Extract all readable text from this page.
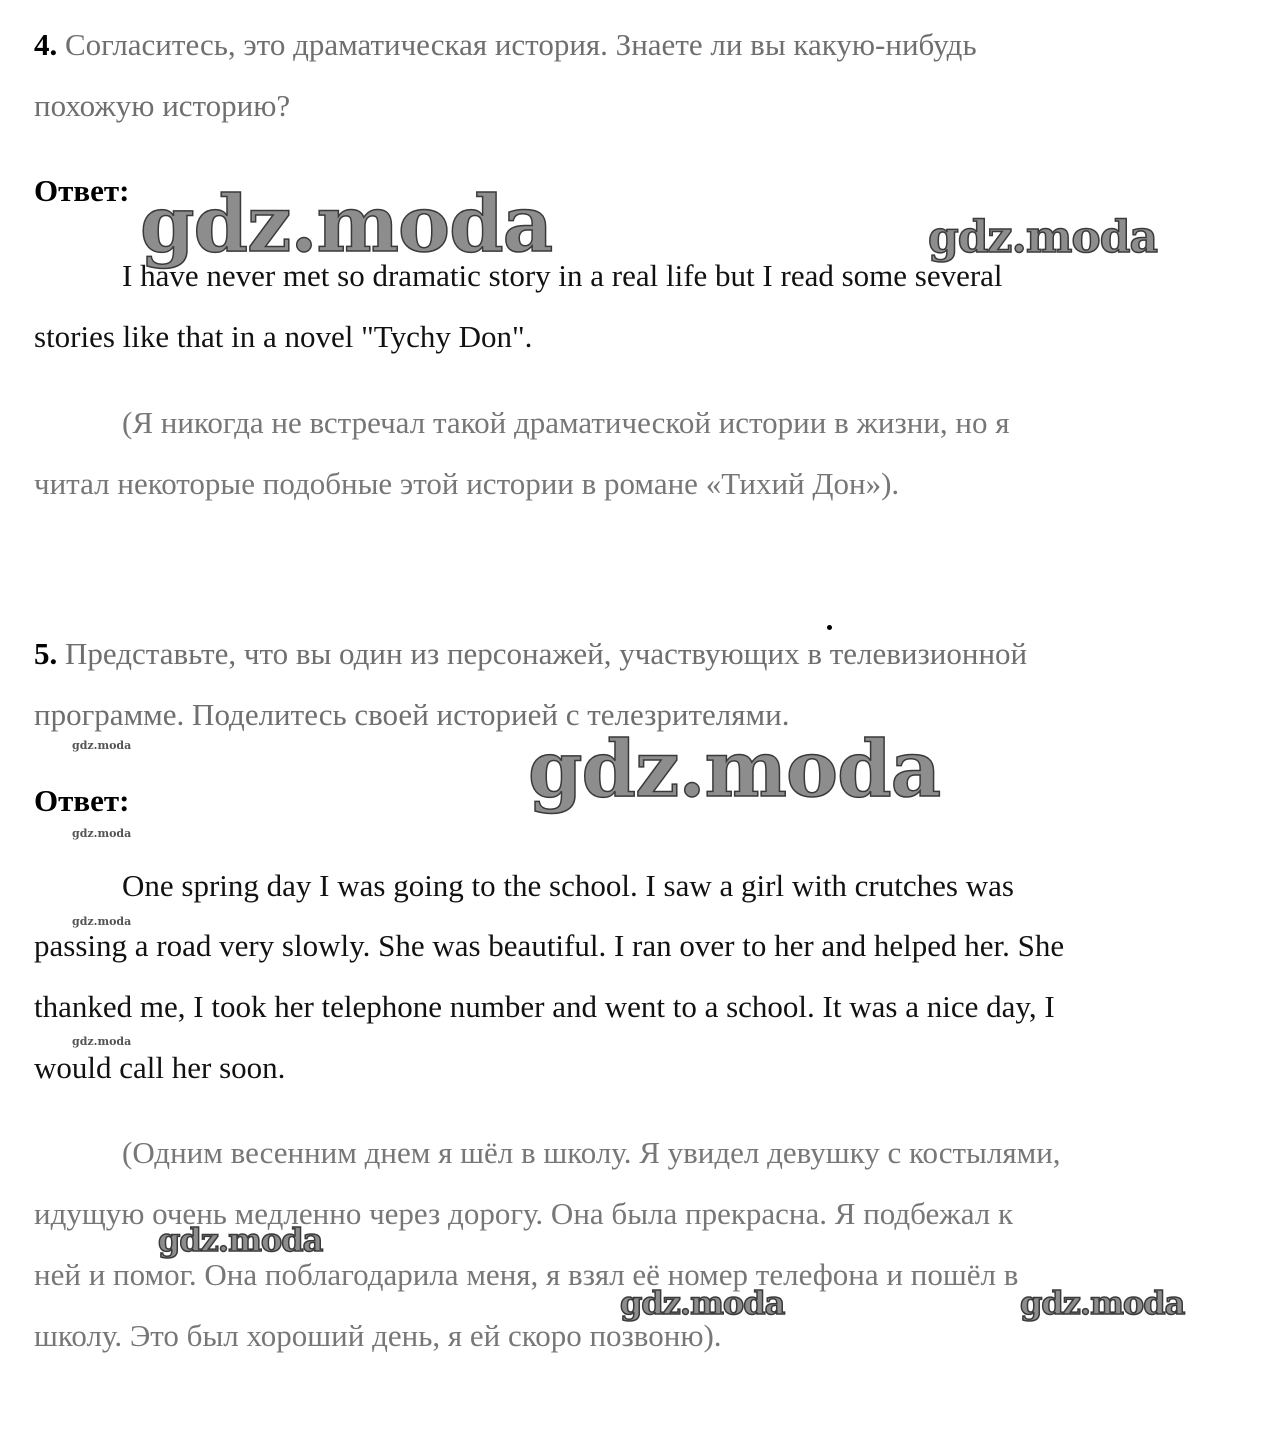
4. Согласитесь, это драматическая история. Знаете ли вы какую-нибудь
похожую историю?
Ответ:
I have never met so dramatic story in a real life but I read some several
stories like that in a novel "Tychy Don".
(Я никогда не встречал такой драматической истории в жизни, но я
читал некоторые подобные этой истории в романе «Тихий Дон»).
5. Представьте, что вы один из персонажей, участвующих в телевизионной
программе. Поделитесь своей историей с телезрителями.
Ответ:
One spring day I was going to the school. I saw a girl with crutches was
passing a road very slowly. She was beautiful. I ran over to her and helped her. She
thanked me, I took her telephone number and went to a school. It was a nice day, I
would call her soon.
(Одним весенним днем я шёл в школу. Я увидел девушку с костылями,
идущую очень медленно через дорогу. Она была прекрасна. Я подбежал к
ней и помог. Она поблагодарила меня, я взял её номер телефона и пошёл в
школу. Это был хороший день, я ей скоро позвоню).
gdz.moda	gdz.moda
gdz.moda
gdz.moda
gdz.moda
gdz.moda
gdz.moda
gdz.moda
gdz.moda	gdz.moda
